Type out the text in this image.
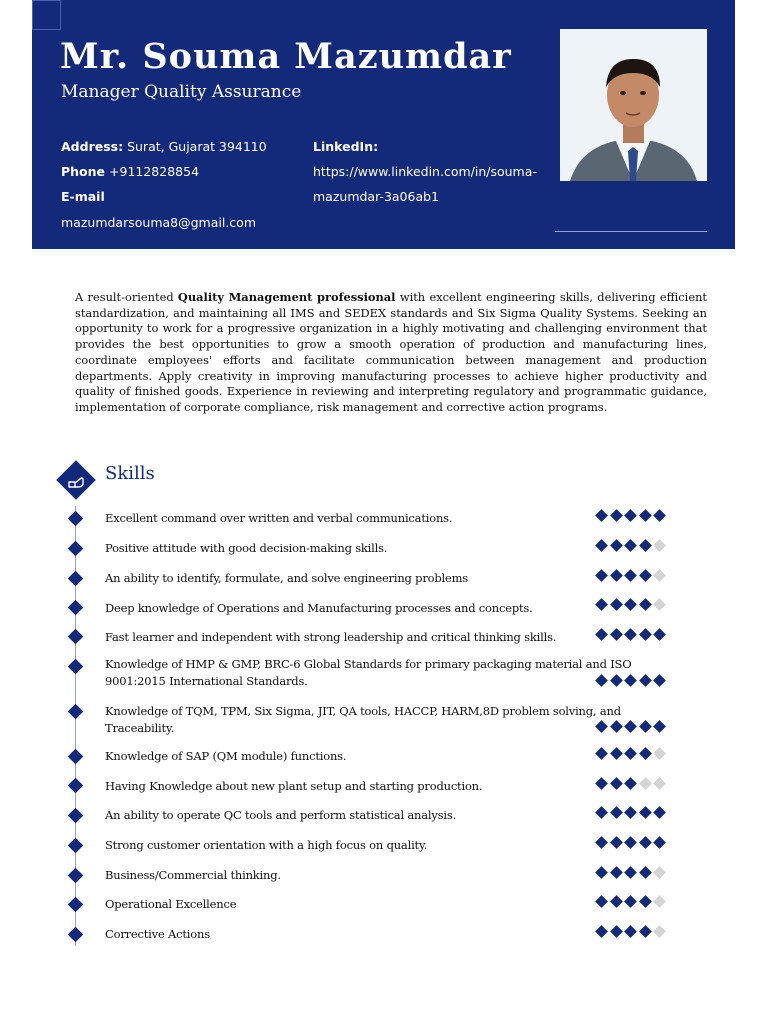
Mr. Souma Mazumdar
Manager Quality Assurance
Address: Surat, Gujarat 394110
Phone +9112828854
E-mail
mazumdarsouma8@gmail.com
LinkedIn:
https://www.linkedin.com/in/souma-
mazumdar-3a06ab1
A result-oriented Quality Management professional with excellent engineering skills, delivering efficient standardization, and maintaining all IMS and SEDEX standards and Six Sigma Quality Systems. Seeking an opportunity to work for a progressive organization in a highly motivating and challenging environment that provides the best opportunities to grow a smooth operation of production and manufacturing lines, coordinate employees' efforts and facilitate communication between management and production departments. Apply creativity in improving manufacturing processes to achieve higher productivity and quality of finished goods. Experience in reviewing and interpreting regulatory and programmatic guidance, implementation of corporate compliance, risk management and corrective action programs.
Skills
Excellent command over written and verbal communications.
Positive attitude with good decision-making skills.
An ability to identify, formulate, and solve engineering problems
Deep knowledge of Operations and Manufacturing processes and concepts.
Fast learner and independent with strong leadership and critical thinking skills.
Knowledge of HMP & GMP, BRC-6 Global Standards for primary packaging material and ISO 9001:2015 International Standards.
Knowledge of TQM, TPM, Six Sigma, JIT, QA tools, HACCP, HARM,8D problem solving, and Traceability.
Knowledge of SAP (QM module) functions.
Having Knowledge about new plant setup and starting production.
An ability to operate QC tools and perform statistical analysis.
Strong customer orientation with a high focus on quality.
Business/Commercial thinking.
Operational Excellence
Corrective Actions
